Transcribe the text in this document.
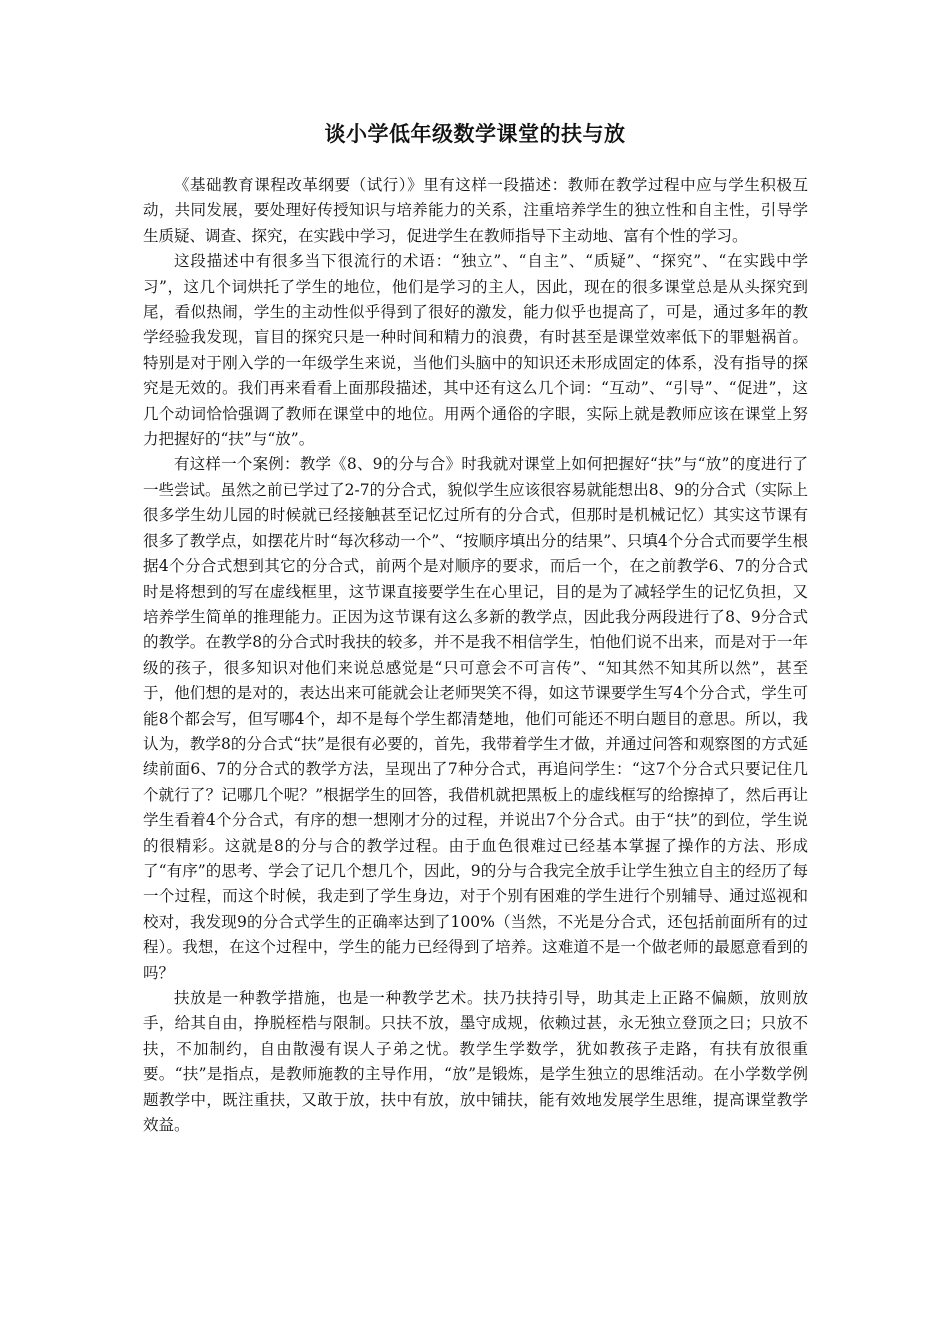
谈小学低年级数学课堂的扶与放

《基础教育课程改革纲要（试行）》里有这样一段描述：教师在教学过程中应与学生积极互动，共同发展，要处理好传授知识与培养能力的关系，注重培养学生的独立性和自主性，引导学生质疑、调查、探究，在实践中学习，促进学生在教师指导下主动地、富有个性的学习。

这段描述中有很多当下很流行的术语：“独立”、“自主”、“质疑”、“探究”、“在实践中学习”，这几个词烘托了学生的地位，他们是学习的主人，因此，现在的很多课堂总是从头探究到尾，看似热闹，学生的主动性似乎得到了很好的激发，能力似乎也提高了，可是，通过多年的教学经验我发现，盲目的探究只是一种时间和精力的浪费，有时甚至是课堂效率低下的罪魁祸首。特别是对于刚入学的一年级学生来说，当他们头脑中的知识还未形成固定的体系，没有指导的探究是无效的。我们再来看看上面那段描述，其中还有这么几个词：“互动”、“引导”、“促进”，这几个动词恰恰强调了教师在课堂中的地位。用两个通俗的字眼，实际上就是教师应该在课堂上努力把握好的“扶”与“放”。

有这样一个案例：教学《8、9的分与合》时我就对课堂上如何把握好“扶”与“放”的度进行了一些尝试。虽然之前已学过了2-7的分合式，貌似学生应该很容易就能想出8、9的分合式（实际上很多学生幼儿园的时候就已经接触甚至记忆过所有的分合式，但那时是机械记忆）其实这节课有很多了教学点，如摆花片时“每次移动一个”、“按顺序填出分的结果”、只填4个分合式而要学生根据4个分合式想到其它的分合式，前两个是对顺序的要求，而后一个，在之前教学6、7的分合式时是将想到的写在虚线框里，这节课直接要学生在心里记，目的是为了减轻学生的记忆负担，又培养学生简单的推理能力。正因为这节课有这么多新的教学点，因此我分两段进行了8、9分合式的教学。在教学8的分合式时我扶的较多，并不是我不相信学生，怕他们说不出来，而是对于一年级的孩子，很多知识对他们来说总感觉是“只可意会不可言传”、“知其然不知其所以然”，甚至于，他们想的是对的，表达出来可能就会让老师哭笑不得，如这节课要学生写4个分合式，学生可能8个都会写，但写哪4个，却不是每个学生都清楚地，他们可能还不明白题目的意思。所以，我认为，教学8的分合式“扶”是很有必要的，首先，我带着学生才做，并通过问答和观察图的方式延续前面6、7的分合式的教学方法，呈现出了7种分合式，再追问学生：“这7个分合式只要记住几个就行了？记哪几个呢？”根据学生的回答，我借机就把黑板上的虚线框写的给擦掉了，然后再让学生看着4个分合式，有序的想一想刚才分的过程，并说出7个分合式。由于“扶”的到位，学生说的很精彩。这就是8的分与合的教学过程。由于血色很难过已经基本掌握了操作的方法、形成了“有序”的思考、学会了记几个想几个，因此，9的分与合我完全放手让学生独立自主的经历了每一个过程，而这个时候，我走到了学生身边，对于个别有困难的学生进行个别辅导、通过巡视和校对，我发现9的分合式学生的正确率达到了100%（当然，不光是分合式，还包括前面所有的过程）。我想，在这个过程中，学生的能力已经得到了培养。这难道不是一个做老师的最愿意看到的吗？

扶放是一种教学措施，也是一种教学艺术。扶乃扶持引导，助其走上正路不偏颇，放则放手，给其自由，挣脱桎梏与限制。只扶不放，墨守成规，依赖过甚，永无独立登顶之曰；只放不扶，不加制约，自由散漫有误人子弟之忧。教学生学数学，犹如教孩子走路，有扶有放很重要。“扶”是指点，是教师施教的主导作用，“放”是锻炼，是学生独立的思维活动。在小学数学例题教学中，既注重扶，又敢于放，扶中有放，放中铺扶，能有效地发展学生思维，提高课堂教学效益。
